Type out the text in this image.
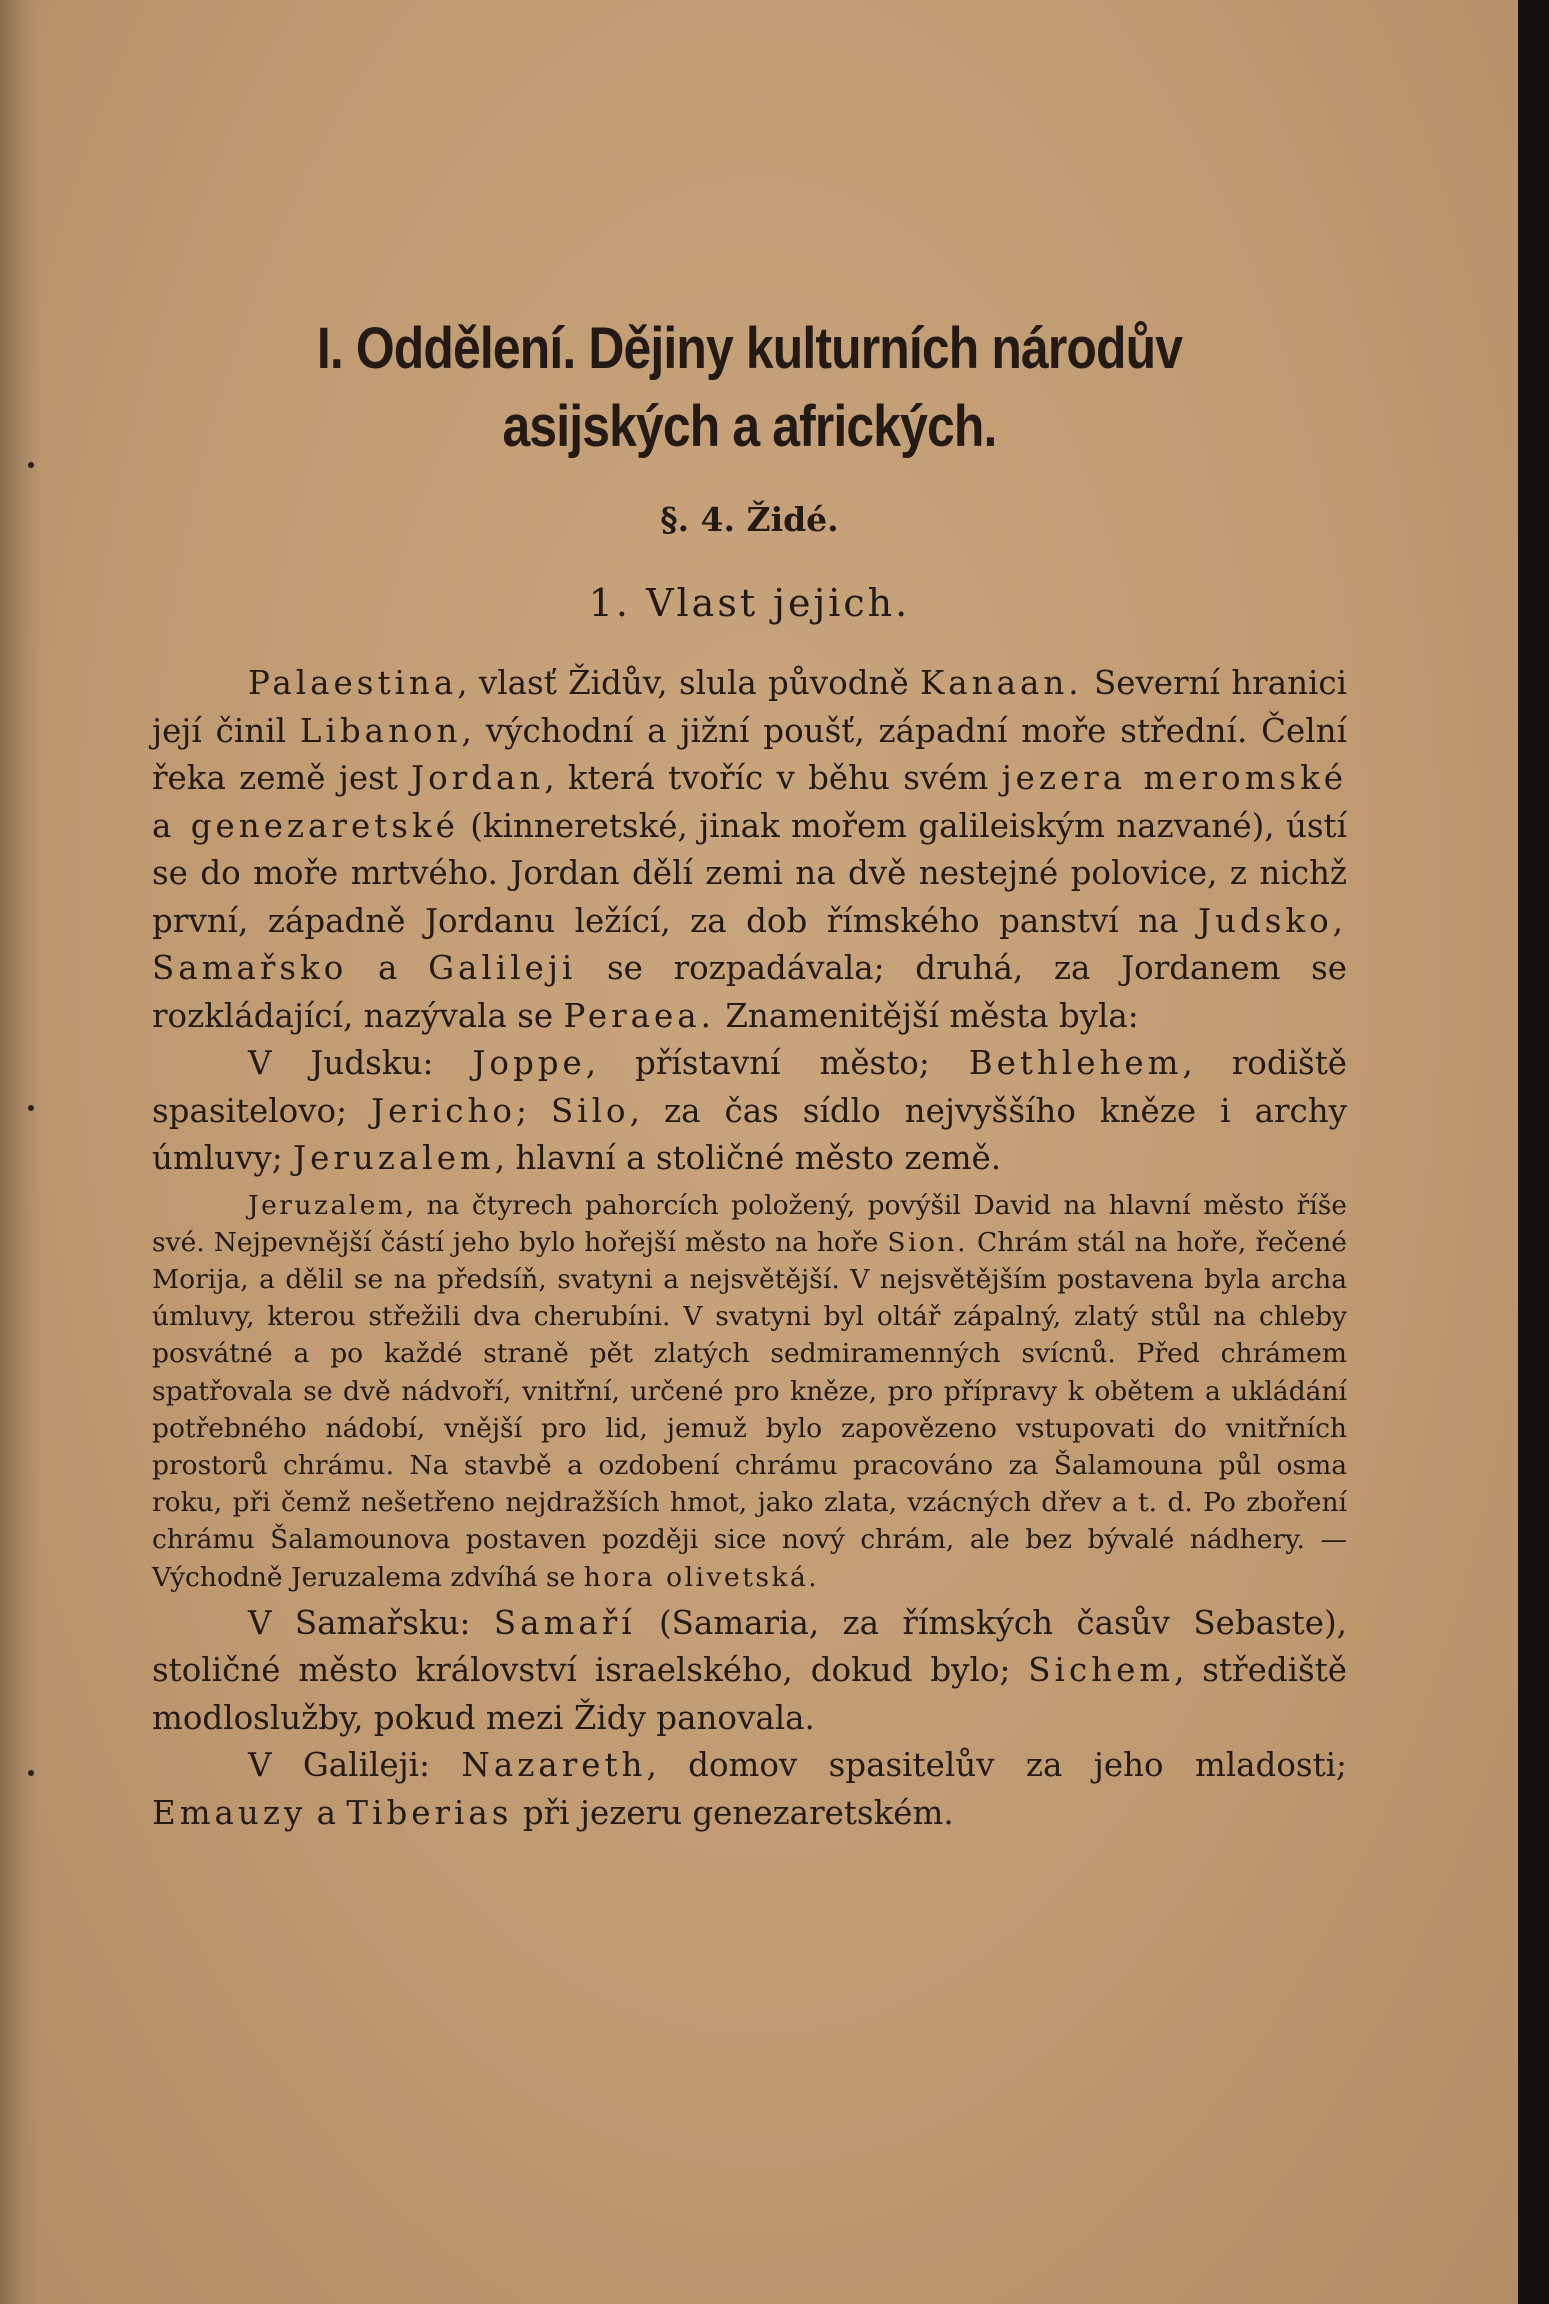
I. Oddělení. Dějiny kulturních národův
asijských a afrických.
§. 4. Židé.
1. Vlast jejich.

Palaestina, vlasť Židův, slula původně Kanaan. Severní hranici její činil Libanon, východní a jižní poušť, západní moře střední. Čelní řeka země jest Jordan, která tvoříc v běhu svém jezera meromské a genezaretské (kinneretské, jinak mořem galileiským nazvané), ústí se do moře mrtvého. Jordan dělí zemi na dvě nestejné polovice, z nichž první, západně Jordanu ležící, za dob římského panství na Judsko, Samařsko a Galileji se rozpadávala; druhá, za Jordanem se rozkládající, nazývala se Peraea. Znamenitější města byla:

V Judsku: Joppe, přístavní město; Bethlehem, rodiště spasitelovo; Jericho; Silo, za čas sídlo nejvyššího kněze i archy úmluvy; Jeruzalem, hlavní a stoličné město země.

Jeruzalem, na čtyrech pahorcích položený, povýšil David na hlavní město říše své. Nejpevnější částí jeho bylo hořejší město na hoře Sion. Chrám stál na hoře, řečené Morija, a dělil se na předsíň, svatyni a nejsvětější. V nejsvětějším postavena byla archa úmluvy, kterou střežili dva cherubíni. V svatyni byl oltář zápalný, zlatý stůl na chleby posvátné a po každé straně pět zlatých sedmiramenných svícnů. Před chrámem spatřovala se dvě nádvoří, vnitřní, určené pro kněze, pro přípravy k obětem a ukládání potřebného nádobí, vnější pro lid, jemuž bylo zapovězeno vstupovati do vnitřních prostorů chrámu. Na stavbě a ozdobení chrámu pracováno za Šalamouna půl osma roku, při čemž nešetřeno nejdražších hmot, jako zlata, vzácných dřev a t. d. Po zboření chrámu Šalamounova postaven později sice nový chrám, ale bez bývalé nádhery. — Východně Jeruzalema zdvíhá se hora olivetská.

V Samařsku: Samaří (Samaria, za římských časův Sebaste), stoličné město království israelského, dokud bylo; Sichem, střediště modloslužby, pokud mezi Židy panovala.

V Galileji: Nazareth, domov spasitelův za jeho mladosti; Emauzy a Tiberias při jezeru genezaretském.
